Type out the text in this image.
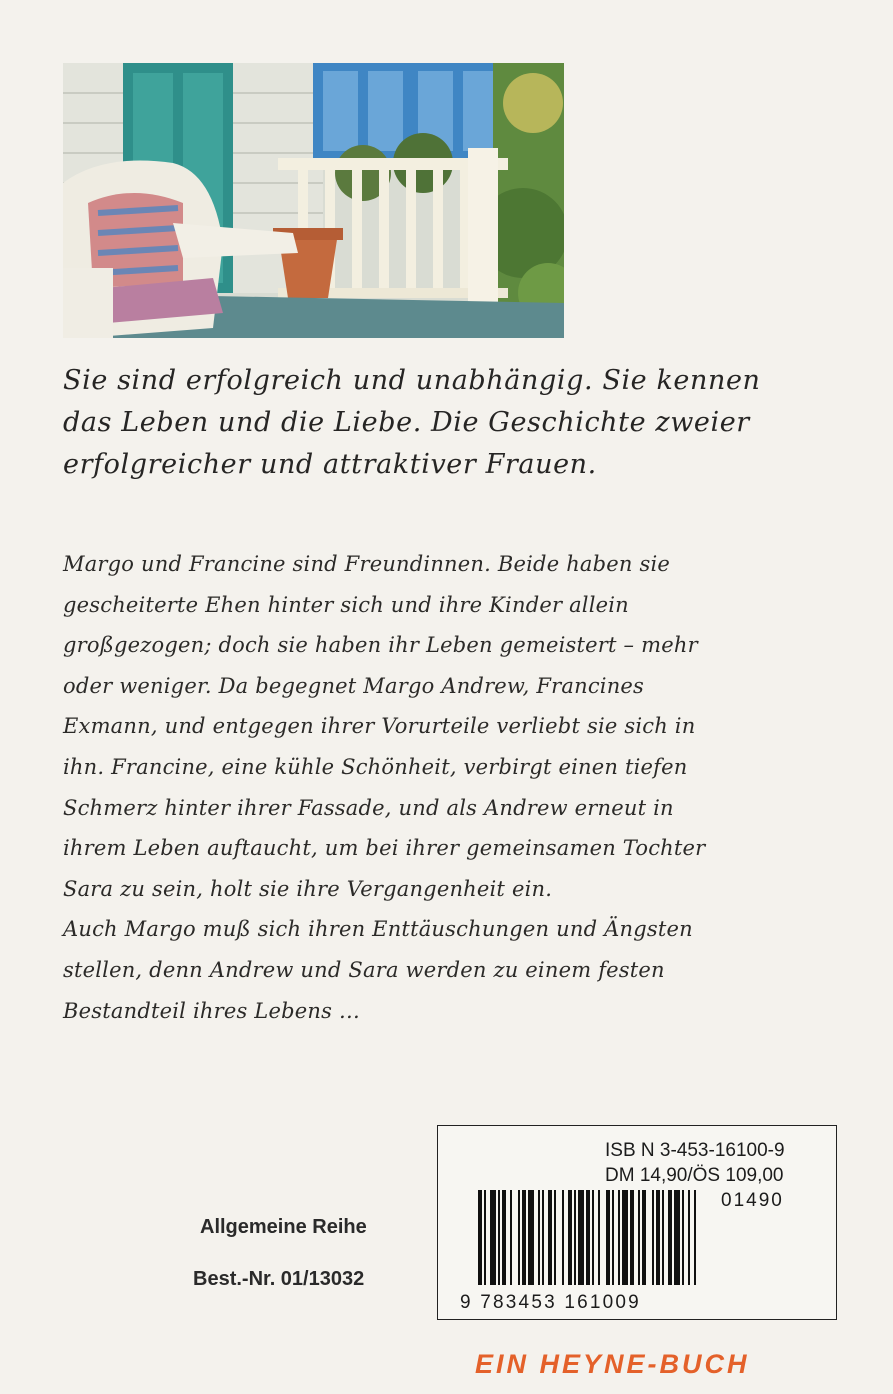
Sie sind erfolgreich und unabhängig. Sie kennen
das Leben und die Liebe. Die Geschichte zweier
erfolgreicher und attraktiver Frauen.

Margo und Francine sind Freundinnen. Beide haben sie
gescheiterte Ehen hinter sich und ihre Kinder allein
großgezogen; doch sie haben ihr Leben gemeistert – mehr
oder weniger. Da begegnet Margo Andrew, Francines
Exmann, und entgegen ihrer Vorurteile verliebt sie sich in
ihn. Francine, eine kühle Schönheit, verbirgt einen tiefen
Schmerz hinter ihrer Fassade, und als Andrew erneut in
ihrem Leben auftaucht, um bei ihrer gemeinsamen Tochter
Sara zu sein, holt sie ihre Vergangenheit ein.
Auch Margo muß sich ihren Enttäuschungen und Ängsten
stellen, denn Andrew und Sara werden zu einem festen
Bestandteil ihres Lebens …

ISB N 3-453-16100-9
DM 14,90/ÖS 109,00

01490
9 783453 161009
Allgemeine Reihe
Best.-Nr. 01/13032
EIN HEYNE-BUCH
